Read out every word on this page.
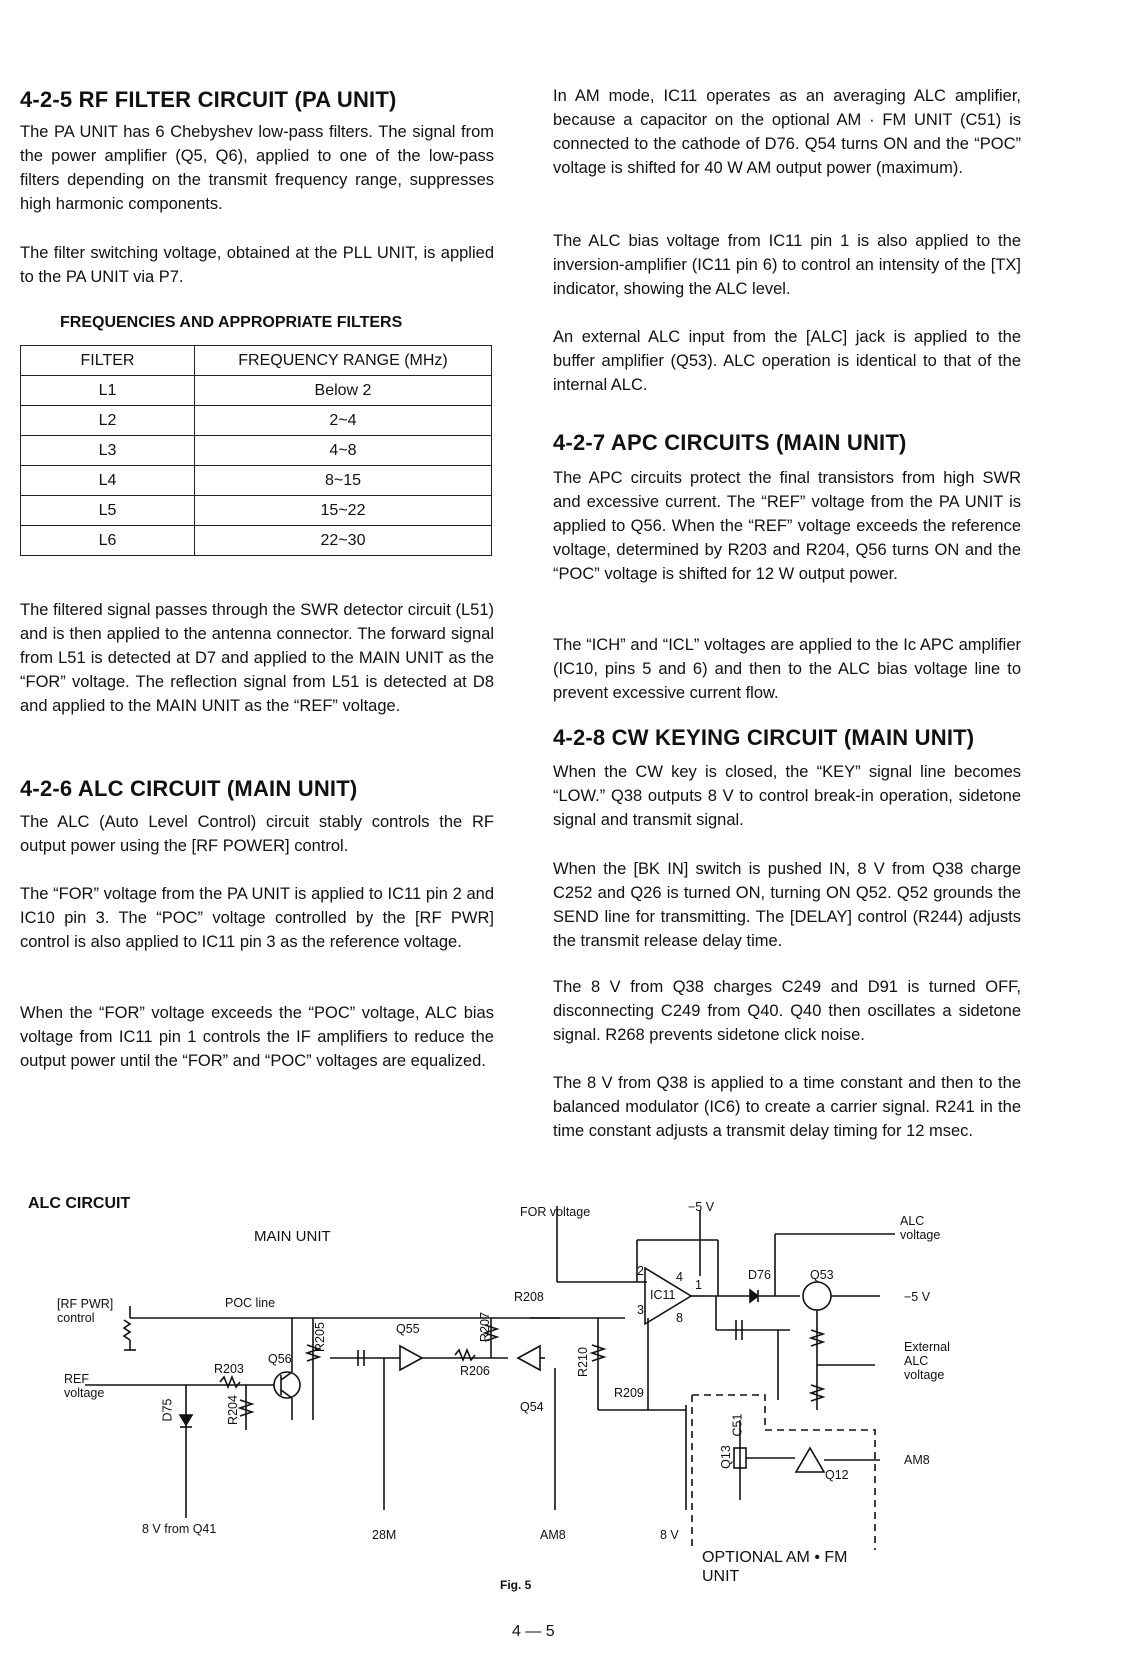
4-2-5 RF FILTER CIRCUIT (PA UNIT)

The PA UNIT has 6 Chebyshev low-pass filters. The signal from the power amplifier (Q5, Q6), applied to one of the low-pass filters depending on the transmit frequency range, suppresses high harmonic components.

The filter switching voltage, obtained at the PLL UNIT, is applied to the PA UNIT via P7.

FREQUENCIES AND APPROPRIATE FILTERS

FILTER	FREQUENCY RANGE (MHz)
L1	Below 2
L2	2~4
L3	4~8
L4	8~15
L5	15~22
L6	22~30

The filtered signal passes through the SWR detector circuit (L51) and is then applied to the antenna connector. The forward signal from L51 is detected at D7 and applied to the MAIN UNIT as the “FOR” voltage. The reflection signal from L51 is detected at D8 and applied to the MAIN UNIT as the “REF” voltage.

4-2-6 ALC CIRCUIT (MAIN UNIT)

The ALC (Auto Level Control) circuit stably controls the RF output power using the [RF POWER] control.

The “FOR” voltage from the PA UNIT is applied to IC11 pin 2 and IC10 pin 3. The “POC” voltage controlled by the [RF PWR] control is also applied to IC11 pin 3 as the reference voltage.

When the “FOR” voltage exceeds the “POC” voltage, ALC bias voltage from IC11 pin 1 controls the IF amplifiers to reduce the output power until the “FOR” and “POC” voltages are equalized.

In AM mode, IC11 operates as an averaging ALC amplifier, because a capacitor on the optional AM · FM UNIT (C51) is connected to the cathode of D76. Q54 turns ON and the “POC” voltage is shifted for 40 W AM output power (maximum).

The ALC bias voltage from IC11 pin 1 is also applied to the inversion-amplifier (IC11 pin 6) to control an intensity of the [TX] indicator, showing the ALC level.

An external ALC input from the [ALC] jack is applied to the buffer amplifier (Q53). ALC operation is identical to that of the internal ALC.

4-2-7 APC CIRCUITS (MAIN UNIT)

The APC circuits protect the final transistors from high SWR and excessive current. The “REF” voltage from the PA UNIT is applied to Q56. When the “REF” voltage exceeds the reference voltage, determined by R203 and R204, Q56 turns ON and the “POC” voltage is shifted for 12 W output power.

The “ICH” and “ICL” voltages are applied to the Ic APC amplifier (IC10, pins 5 and 6) and then to the ALC bias voltage line to prevent excessive current flow.

4-2-8 CW KEYING CIRCUIT (MAIN UNIT)

When the CW key is closed, the “KEY” signal line becomes “LOW.” Q38 outputs 8 V to control break-in operation, sidetone signal and transmit signal.

When the [BK IN] switch is pushed IN, 8 V from Q38 charge C252 and Q26 is turned ON, turning ON Q52. Q52 grounds the SEND line for transmitting. The [DELAY] control (R244) adjusts the transmit release delay time.

The 8 V from Q38 charges C249 and D91 is turned OFF, disconnecting C249 from Q40. Q40 then oscillates a sidetone signal. R268 prevents sidetone click noise.

The 8 V from Q38 is applied to a time constant and then to the balanced modulator (IC6) to create a carrier signal. R241 in the time constant adjusts a transmit delay timing for 12 msec.

ALC CIRCUIT
MAIN UNIT
FOR voltage	−5 V
ALC
voltage
[RF PWR]
control
POC line
REF
voltage
R203
Q56
D75	R204
R205	Q55	R207
R206
R208
Q54
R210
R209
IC11
2
3
4
1
8
D76	Q53
−5 V
External
ALC
voltage
C51
Q13
Q12
AM8
8 V from Q41	28M	AM8	8 V
OPTIONAL AM • FM
UNIT
Fig. 5
4 — 5
